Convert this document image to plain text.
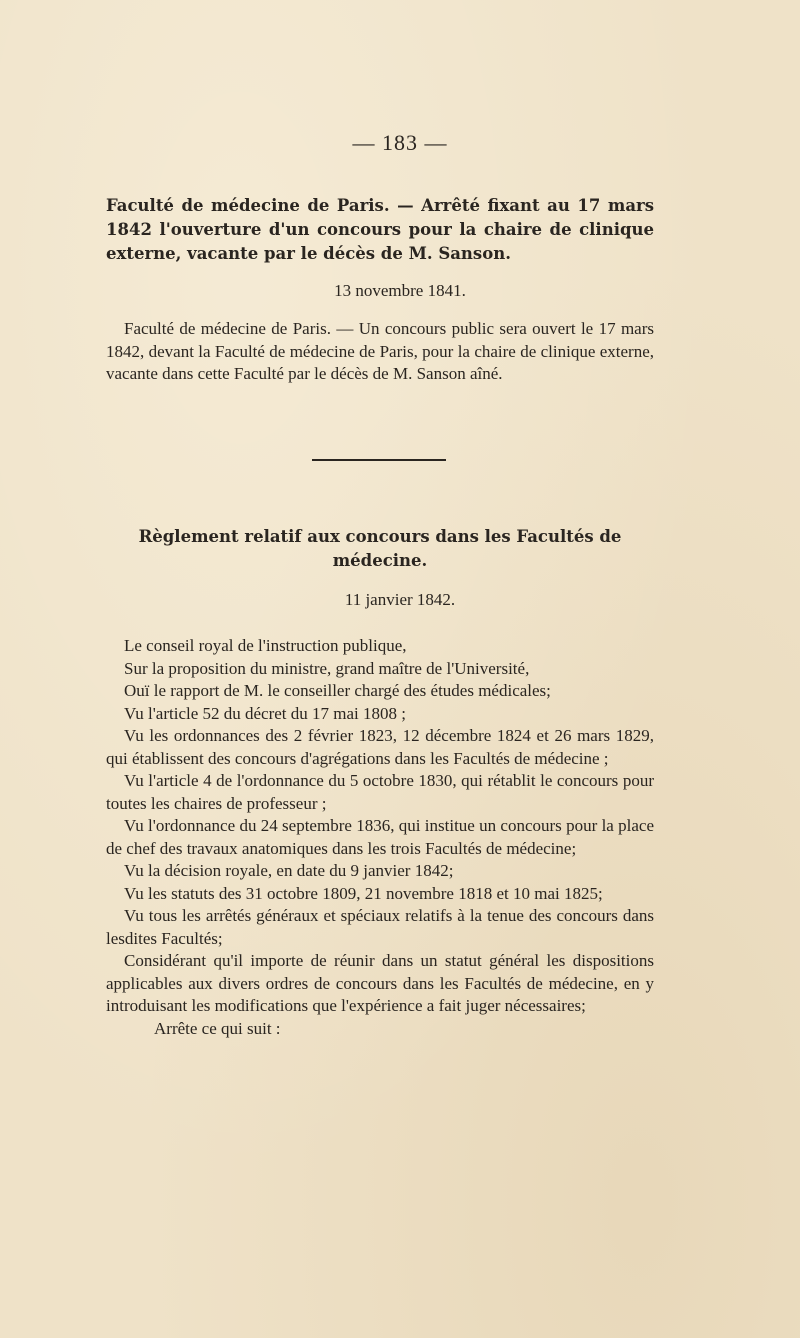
— 183 —
Faculté de médecine de Paris. — Arrêté fixant au 17 mars 1842 l'ouverture d'un concours pour la chaire de clinique externe, vacante par le décès de M. Sanson.
13 novembre 1841.

Faculté de médecine de Paris. — Un concours public sera ouvert le 17 mars 1842, devant la Faculté de médecine de Paris, pour la chaire de clinique externe, vacante dans cette Faculté par le décès de M. Sanson aîné.

Règlement relatif aux concours dans les Facultés de médecine.
11 janvier 1842.

Le conseil royal de l'instruction publique,

Sur la proposition du ministre, grand maître de l'Université,

Ouï le rapport de M. le conseiller chargé des études médicales;

Vu l'article 52 du décret du 17 mai 1808 ;

Vu les ordonnances des 2 février 1823, 12 décembre 1824 et 26 mars 1829, qui établissent des concours d'agrégations dans les Facultés de médecine ;

Vu l'article 4 de l'ordonnance du 5 octobre 1830, qui rétablit le concours pour toutes les chaires de professeur ;

Vu l'ordonnance du 24 septembre 1836, qui institue un concours pour la place de chef des travaux anatomiques dans les trois Facultés de médecine;

Vu la décision royale, en date du 9 janvier 1842;

Vu les statuts des 31 octobre 1809, 21 novembre 1818 et 10 mai 1825;

Vu tous les arrêtés généraux et spéciaux relatifs à la tenue des concours dans lesdites Facultés;

Considérant qu'il importe de réunir dans un statut général les dispositions applicables aux divers ordres de concours dans les Facultés de médecine, en y introduisant les modifications que l'expérience a fait juger nécessaires;

Arrête ce qui suit :
